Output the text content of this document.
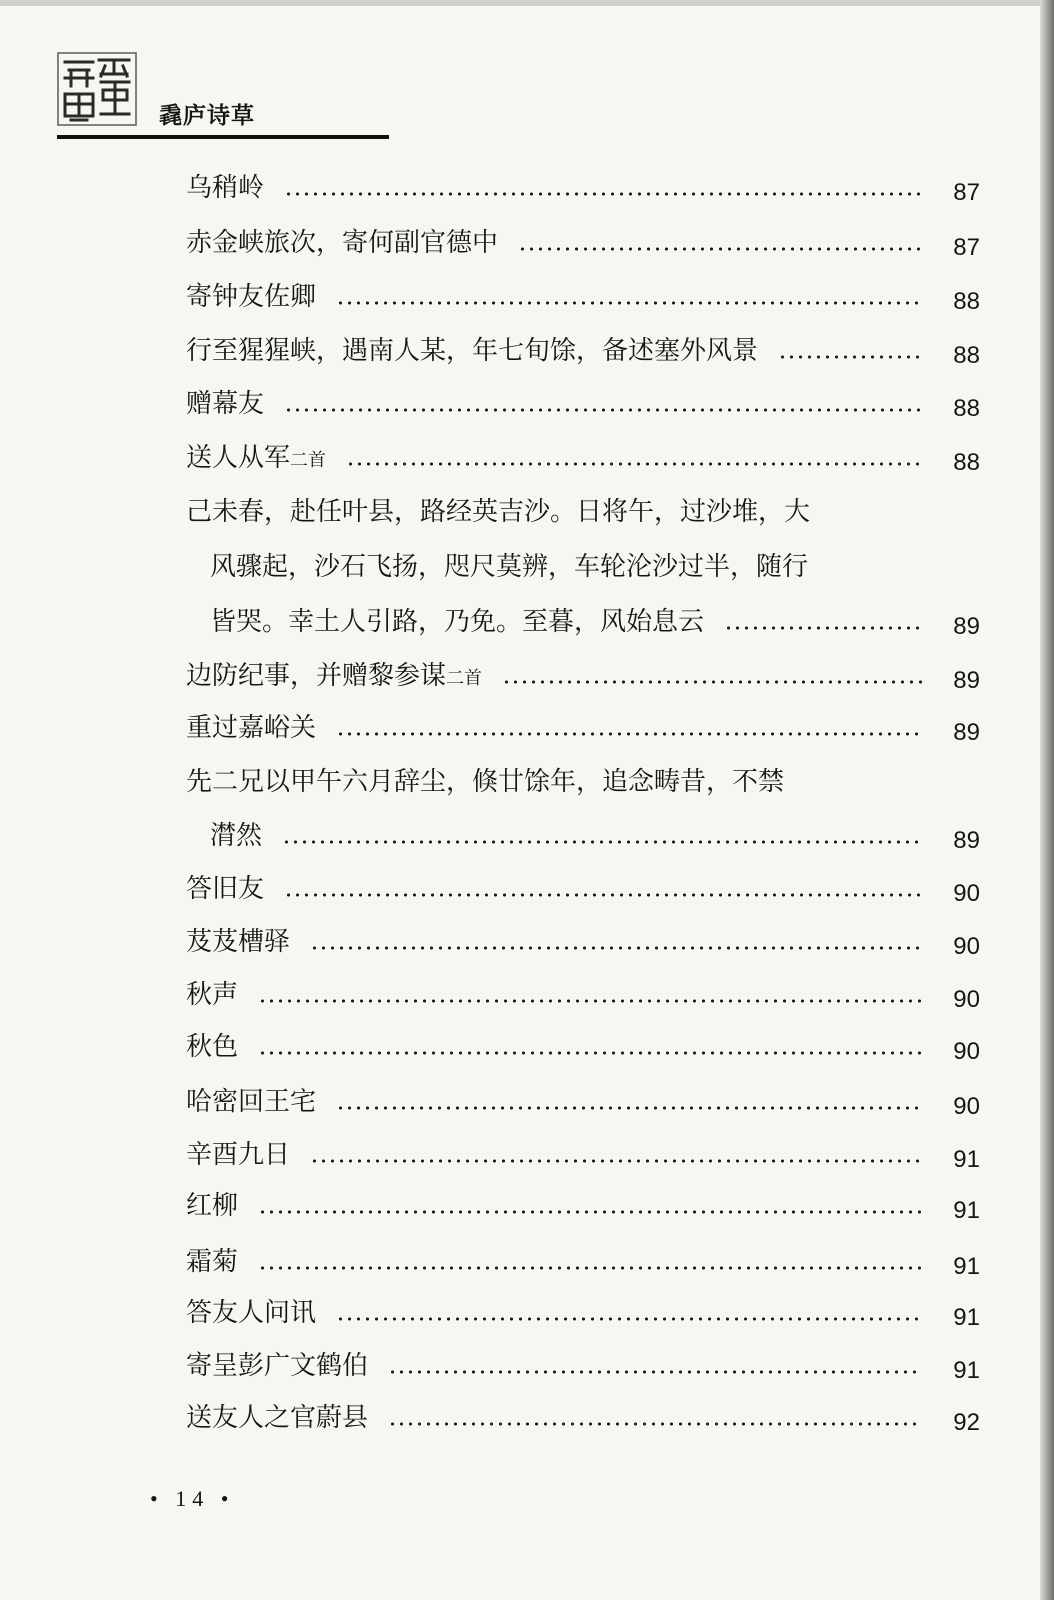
毳庐诗草
乌稍岭	87
赤金峡旅次，寄何副官德中	87
寄钟友佐卿	88
行至猩猩峡，遇南人某，年七旬馀，备述塞外风景	88
赠幕友	88
送人从军二首	88
己未春，赴任叶县，路经英吉沙。日将午，过沙堆，大
风骤起，沙石飞扬，咫尺莫辨，车轮沦沙过半，随行
皆哭。幸土人引路，乃免。至暮，风始息云	89
边防纪事，并赠黎参谋二首	89
重过嘉峪关	89
先二兄以甲午六月辞尘，倏廿馀年，追念畴昔，不禁
潸然	89
答旧友	90
芨芨槽驿	90
秋声	90
秋色	90
哈密回王宅	90
辛酉九日	91
红柳	91
霜菊	91
答友人问讯	91
寄呈彭广文鹤伯	91
送友人之官蔚县	92
• 14 •
